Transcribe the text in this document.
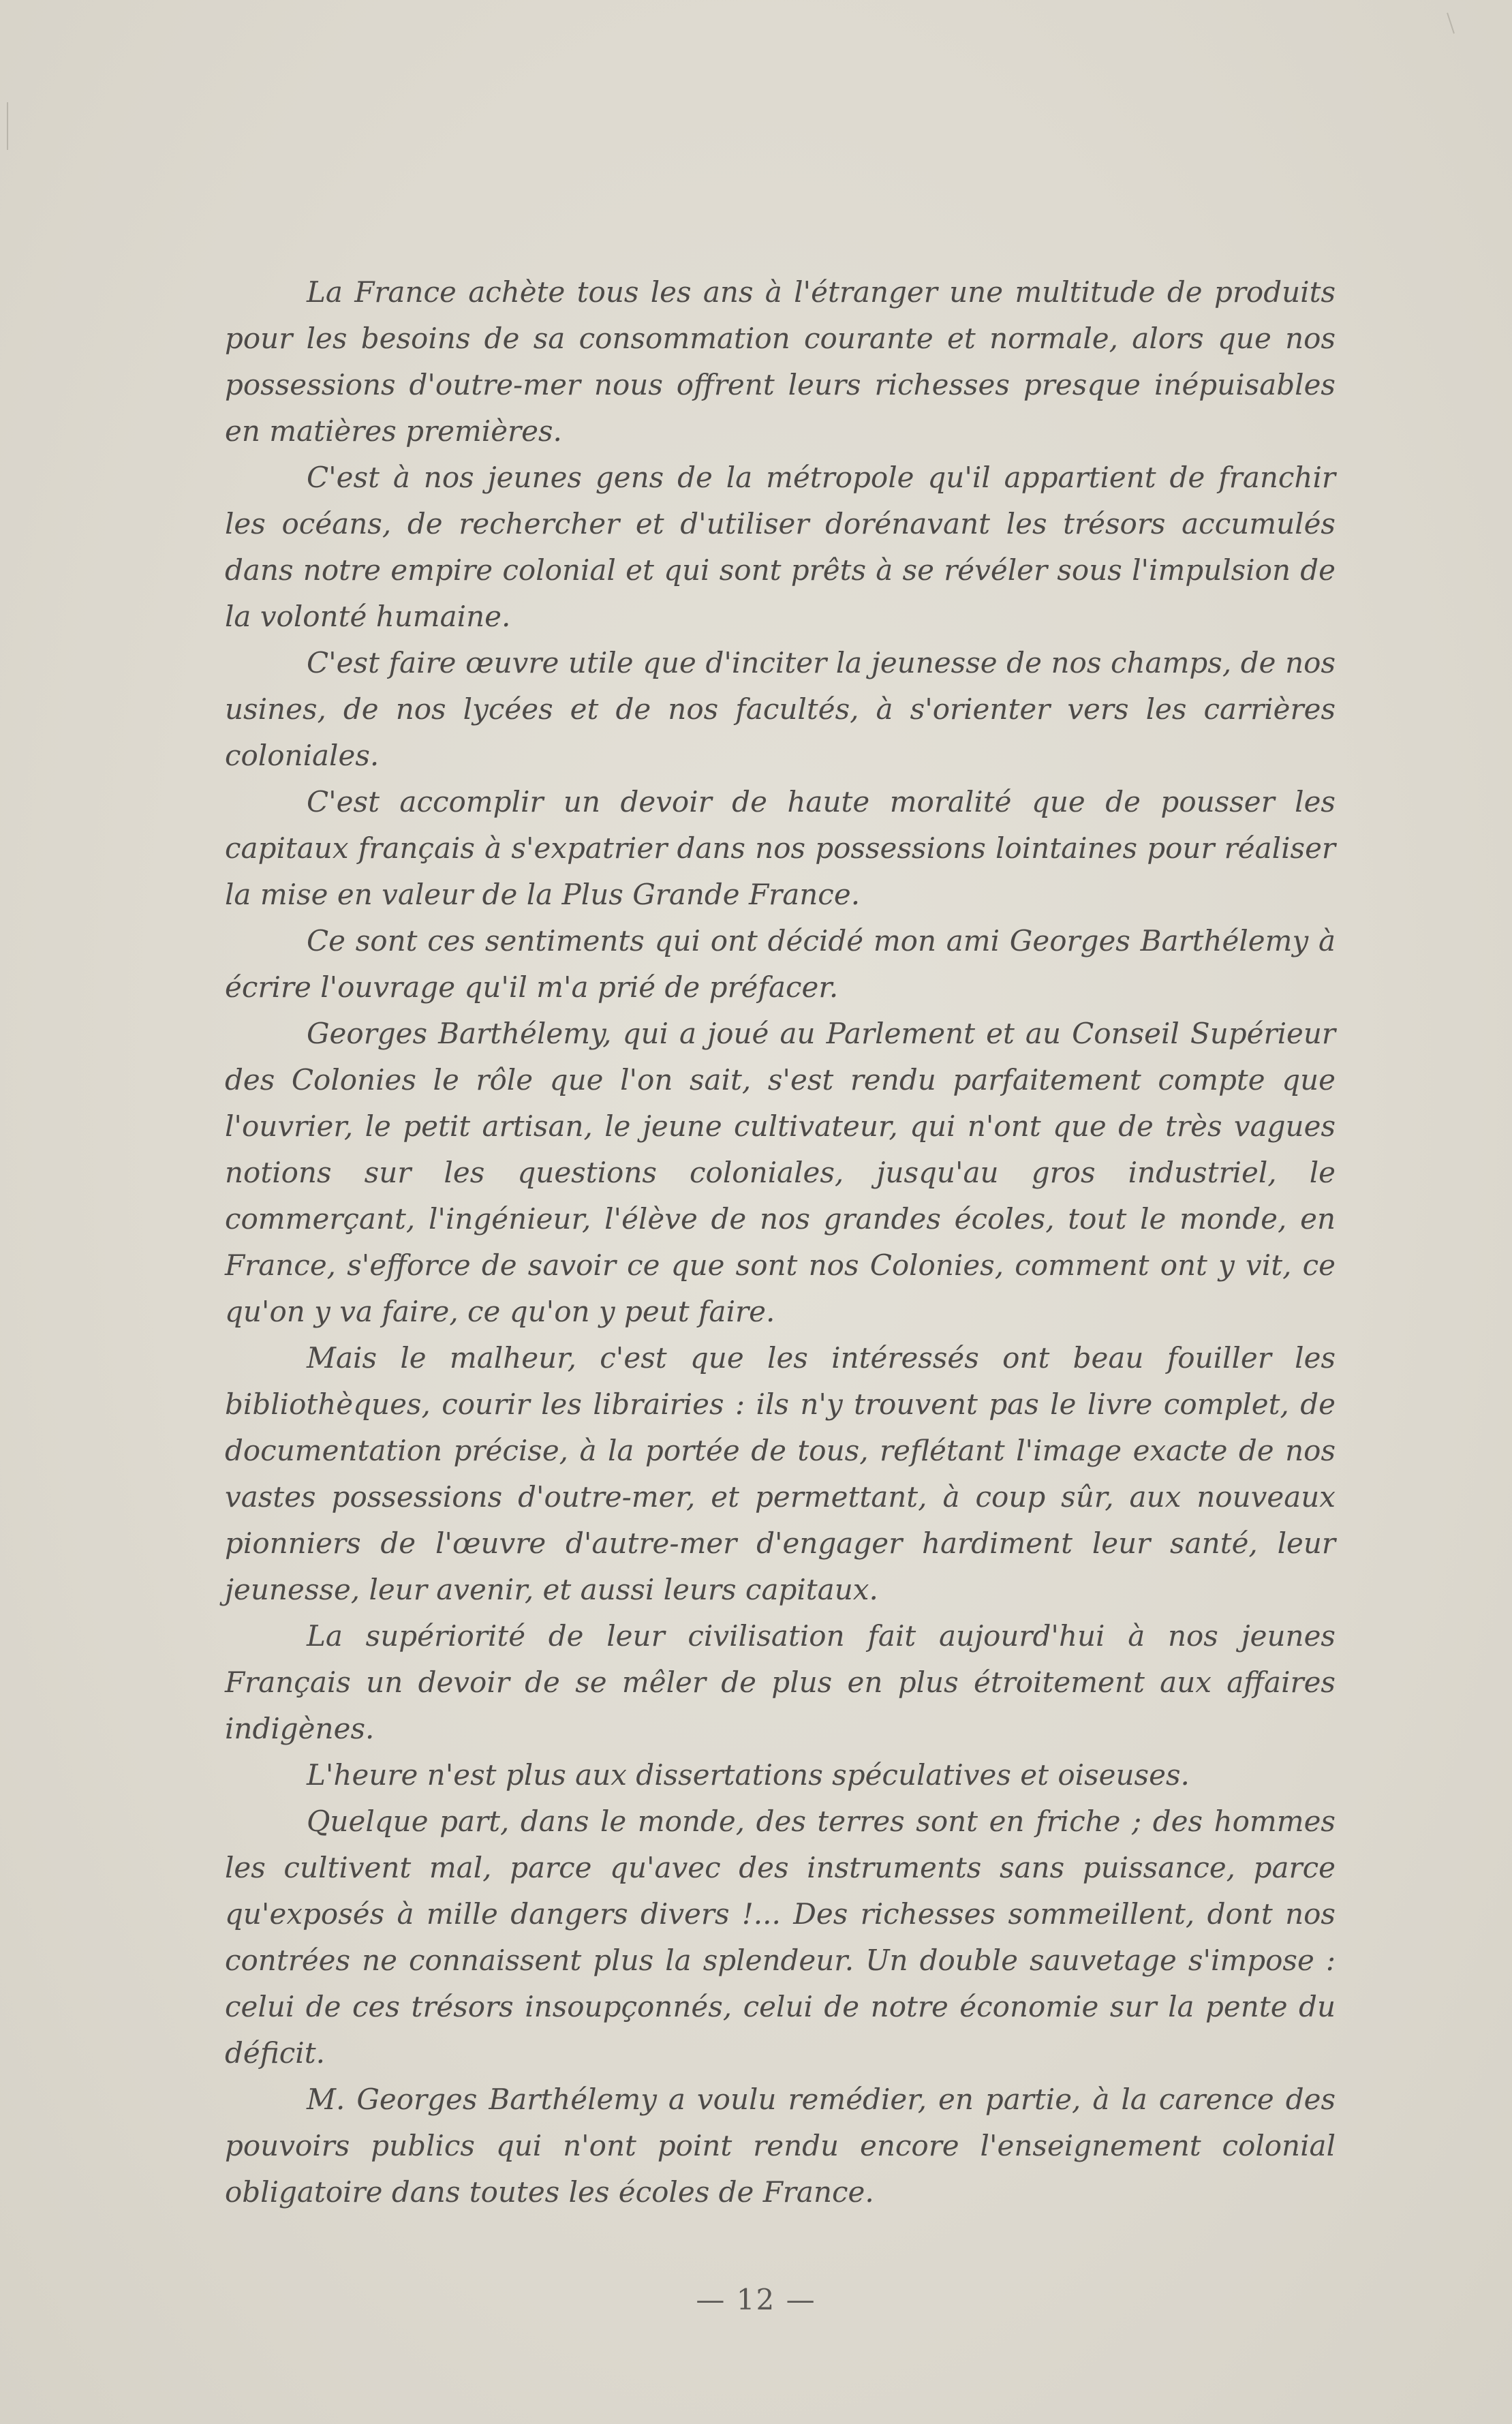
La France achète tous les ans à l'étranger une multitude de produits pour les besoins de sa consommation courante et normale, alors que nos possessions d'outre-mer nous offrent leurs richesses presque inépuisables en matières premières.

C'est à nos jeunes gens de la métropole qu'il appartient de franchir les océans, de rechercher et d'utiliser dorénavant les trésors accumulés dans notre empire colonial et qui sont prêts à se révéler sous l'impulsion de la volonté humaine.

C'est faire œuvre utile que d'inciter la jeunesse de nos champs, de nos usines, de nos lycées et de nos facultés, à s'orienter vers les carrières coloniales.

C'est accomplir un devoir de haute moralité que de pousser les capitaux français à s'expatrier dans nos possessions lointaines pour réaliser la mise en valeur de la Plus Grande France.

Ce sont ces sentiments qui ont décidé mon ami Georges Barthélemy à écrire l'ouvrage qu'il m'a prié de préfacer.

Georges Barthélemy, qui a joué au Parlement et au Conseil Supérieur des Colonies le rôle que l'on sait, s'est rendu parfaitement compte que l'ouvrier, le petit artisan, le jeune cultivateur, qui n'ont que de très vagues notions sur les questions coloniales, jusqu'au gros industriel, le commerçant, l'ingénieur, l'élève de nos grandes écoles, tout le monde, en France, s'efforce de savoir ce que sont nos Colonies, comment ont y vit, ce qu'on y va faire, ce qu'on y peut faire.

Mais le malheur, c'est que les intéressés ont beau fouiller les bibliothèques, courir les librairies : ils n'y trouvent pas le livre complet, de documentation précise, à la portée de tous, reflétant l'image exacte de nos vastes possessions d'outre-mer, et permettant, à coup sûr, aux nouveaux pionniers de l'œuvre d'autre-mer d'engager hardiment leur santé, leur jeunesse, leur avenir, et aussi leurs capitaux.

La supériorité de leur civilisation fait aujourd'hui à nos jeunes Français un devoir de se mêler de plus en plus étroitement aux affaires indigènes.

L'heure n'est plus aux dissertations spéculatives et oiseuses.

Quelque part, dans le monde, des terres sont en friche ; des hommes les cultivent mal, parce qu'avec des instruments sans puissance, parce qu'exposés à mille dangers divers !... Des richesses sommeillent, dont nos contrées ne connaissent plus la splendeur. Un double sauvetage s'impose : celui de ces trésors insoupçonnés, celui de notre économie sur la pente du déficit.

M. Georges Barthélemy a voulu remédier, en partie, à la carence des pouvoirs publics qui n'ont point rendu encore l'enseignement colonial obligatoire dans toutes les écoles de France.

— 12 —
